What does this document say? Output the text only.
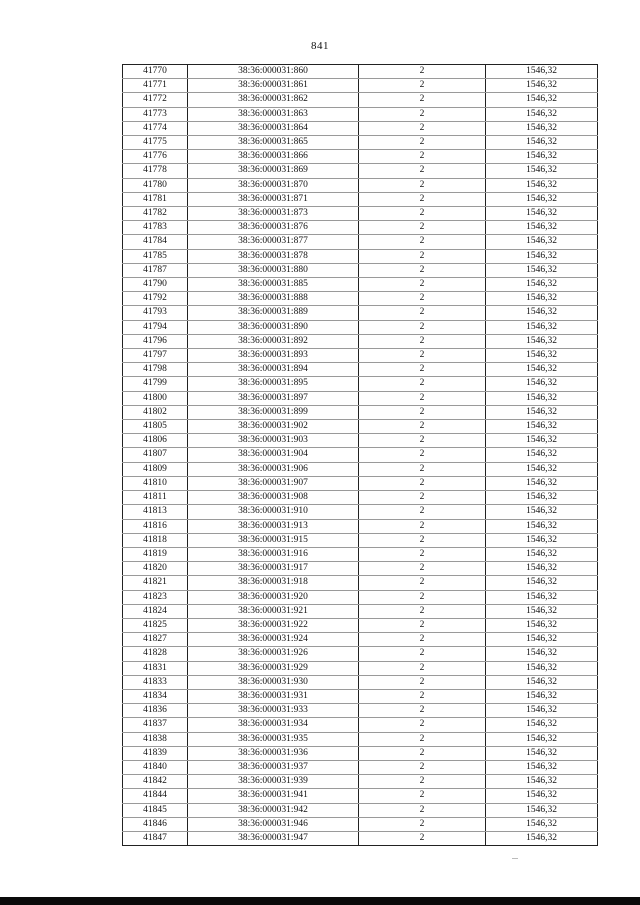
841
41770	38:36:000031:860	2	1546,32
41771	38:36:000031:861	2	1546,32
41772	38:36:000031:862	2	1546,32
41773	38:36:000031:863	2	1546,32
41774	38:36:000031:864	2	1546,32
41775	38:36:000031:865	2	1546,32
41776	38:36:000031:866	2	1546,32
41778	38:36:000031:869	2	1546,32
41780	38:36:000031:870	2	1546,32
41781	38:36:000031:871	2	1546,32
41782	38:36:000031:873	2	1546,32
41783	38:36:000031:876	2	1546,32
41784	38:36:000031:877	2	1546,32
41785	38:36:000031:878	2	1546,32
41787	38:36:000031:880	2	1546,32
41790	38:36:000031:885	2	1546,32
41792	38:36:000031:888	2	1546,32
41793	38:36:000031:889	2	1546,32
41794	38:36:000031:890	2	1546,32
41796	38:36:000031:892	2	1546,32
41797	38:36:000031:893	2	1546,32
41798	38:36:000031:894	2	1546,32
41799	38:36:000031:895	2	1546,32
41800	38:36:000031:897	2	1546,32
41802	38:36:000031:899	2	1546,32
41805	38:36:000031:902	2	1546,32
41806	38:36:000031:903	2	1546,32
41807	38:36:000031:904	2	1546,32
41809	38:36:000031:906	2	1546,32
41810	38:36:000031:907	2	1546,32
41811	38:36:000031:908	2	1546,32
41813	38:36:000031:910	2	1546,32
41816	38:36:000031:913	2	1546,32
41818	38:36:000031:915	2	1546,32
41819	38:36:000031:916	2	1546,32
41820	38:36:000031:917	2	1546,32
41821	38:36:000031:918	2	1546,32
41823	38:36:000031:920	2	1546,32
41824	38:36:000031:921	2	1546,32
41825	38:36:000031:922	2	1546,32
41827	38:36:000031:924	2	1546,32
41828	38:36:000031:926	2	1546,32
41831	38:36:000031:929	2	1546,32
41833	38:36:000031:930	2	1546,32
41834	38:36:000031:931	2	1546,32
41836	38:36:000031:933	2	1546,32
41837	38:36:000031:934	2	1546,32
41838	38:36:000031:935	2	1546,32
41839	38:36:000031:936	2	1546,32
41840	38:36:000031:937	2	1546,32
41842	38:36:000031:939	2	1546,32
41844	38:36:000031:941	2	1546,32
41845	38:36:000031:942	2	1546,32
41846	38:36:000031:946	2	1546,32
41847	38:36:000031:947	2	1546,32
